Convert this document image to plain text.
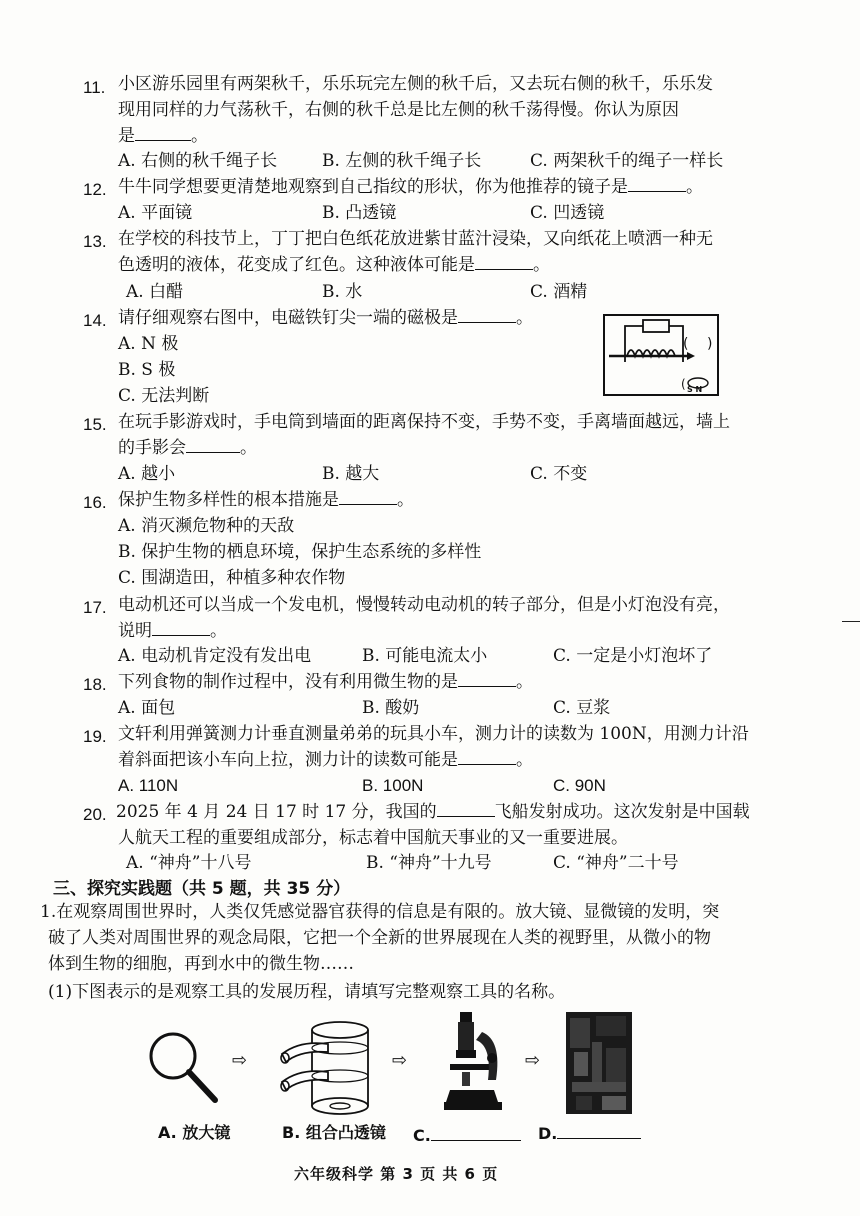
11. 小区游乐园里有两架秋千，乐乐玩完左侧的秋千后，又去玩右侧的秋千，乐乐发
现用同样的力气荡秋千，右侧的秋千总是比左侧的秋千荡得慢。你认为原因
是	。
A. 右侧的秋千绳子长	B. 左侧的秋千绳子长	C. 两架秋千的绳子一样长
12. 牛牛同学想要更清楚地观察到自己指纹的形状，你为他推荐的镜子是	。
A. 平面镜	B. 凸透镜	C. 凹透镜
13. 在学校的科技节上，丁丁把白色纸花放进紫甘蓝汁浸染，又向纸花上喷洒一种无
色透明的液体，花变成了红色。这种液体可能是	。
A. 白醋	B. 水	C. 酒精
14. 请仔细观察右图中，电磁铁钉尖一端的磁极是	。
A. N 极
B. S 极
C. 无法判断
( )
( S N
15. 在玩手影游戏时，手电筒到墙面的距离保持不变，手势不变，手离墙面越远，墙上
的手影会	。
A. 越小	B. 越大	C. 不变
16. 保护生物多样性的根本措施是	。
A. 消灭濒危物种的天敌
B. 保护生物的栖息环境，保护生态系统的多样性
C. 围湖造田，种植多种农作物
17. 电动机还可以当成一个发电机，慢慢转动电动机的转子部分，但是小灯泡没有亮，
说明	。
A. 电动机肯定没有发出电	B. 可能电流太小	C. 一定是小灯泡坏了
18. 下列食物的制作过程中，没有利用微生物的是	。
A. 面包	B. 酸奶	C. 豆浆
19. 文轩利用弹簧测力计垂直测量弟弟的玩具小车，测力计的读数为 100N，用测力计沿
着斜面把该小车向上拉，测力计的读数可能是	。
A. 110N	B. 100N	C. 90N
20. 2025 年 4 月 24 日 17 时 17 分，我国的	飞船发射成功。这次发射是中国载
人航天工程的重要组成部分，标志着中国航天事业的又一重要进展。
A. “神舟”十八号	B. “神舟”十九号	C. “神舟”二十号
三、探究实践题（共 5 题，共 35 分）
1.在观察周围世界时，人类仅凭感觉器官获得的信息是有限的。放大镜、显微镜的发明，突
破了人类对周围世界的观念局限，它把一个全新的世界展现在人类的视野里，从微小的物
体到生物的细胞，再到水中的微生物……
(1)下图表示的是观察工具的发展历程，请填写完整观察工具的名称。
⇨	⇨	⇨
A. 放大镜	B. 组合凸透镜 C.	D.
六年级科学 第 3 页 共 6 页
